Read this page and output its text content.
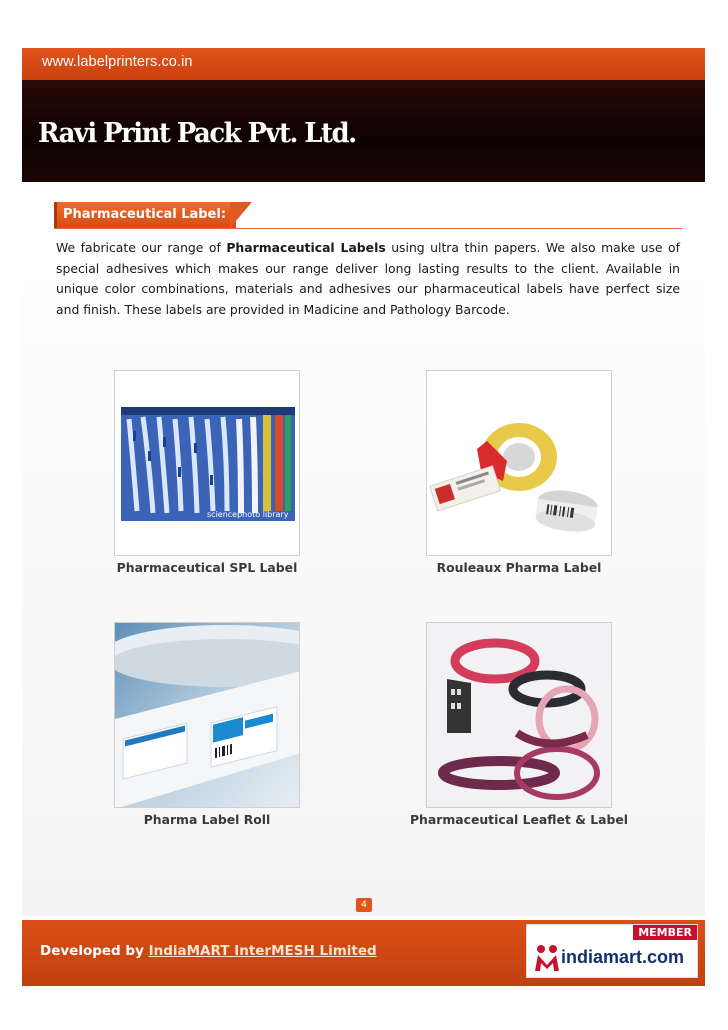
www.labelprinters.co.in
Ravi Print Pack Pvt. Ltd.
Pharmaceutical Label:

We fabricate our range of Pharmaceutical Labels using ultra thin papers. We also make use of special adhesives which makes our range deliver long lasting results to the client. Available in unique color combinations, materials and adhesives our pharmaceutical labels have perfect size and finish. These labels are provided in Madicine and Pathology Barcode.

sciencephoto library
Pharmaceutical SPL Label	Rouleaux Pharma Label
Pharma Label Roll	Pharmaceutical Leaflet & Label
4
Developed by IndiaMART InterMESH Limited
MEMBER
indiamart.com
